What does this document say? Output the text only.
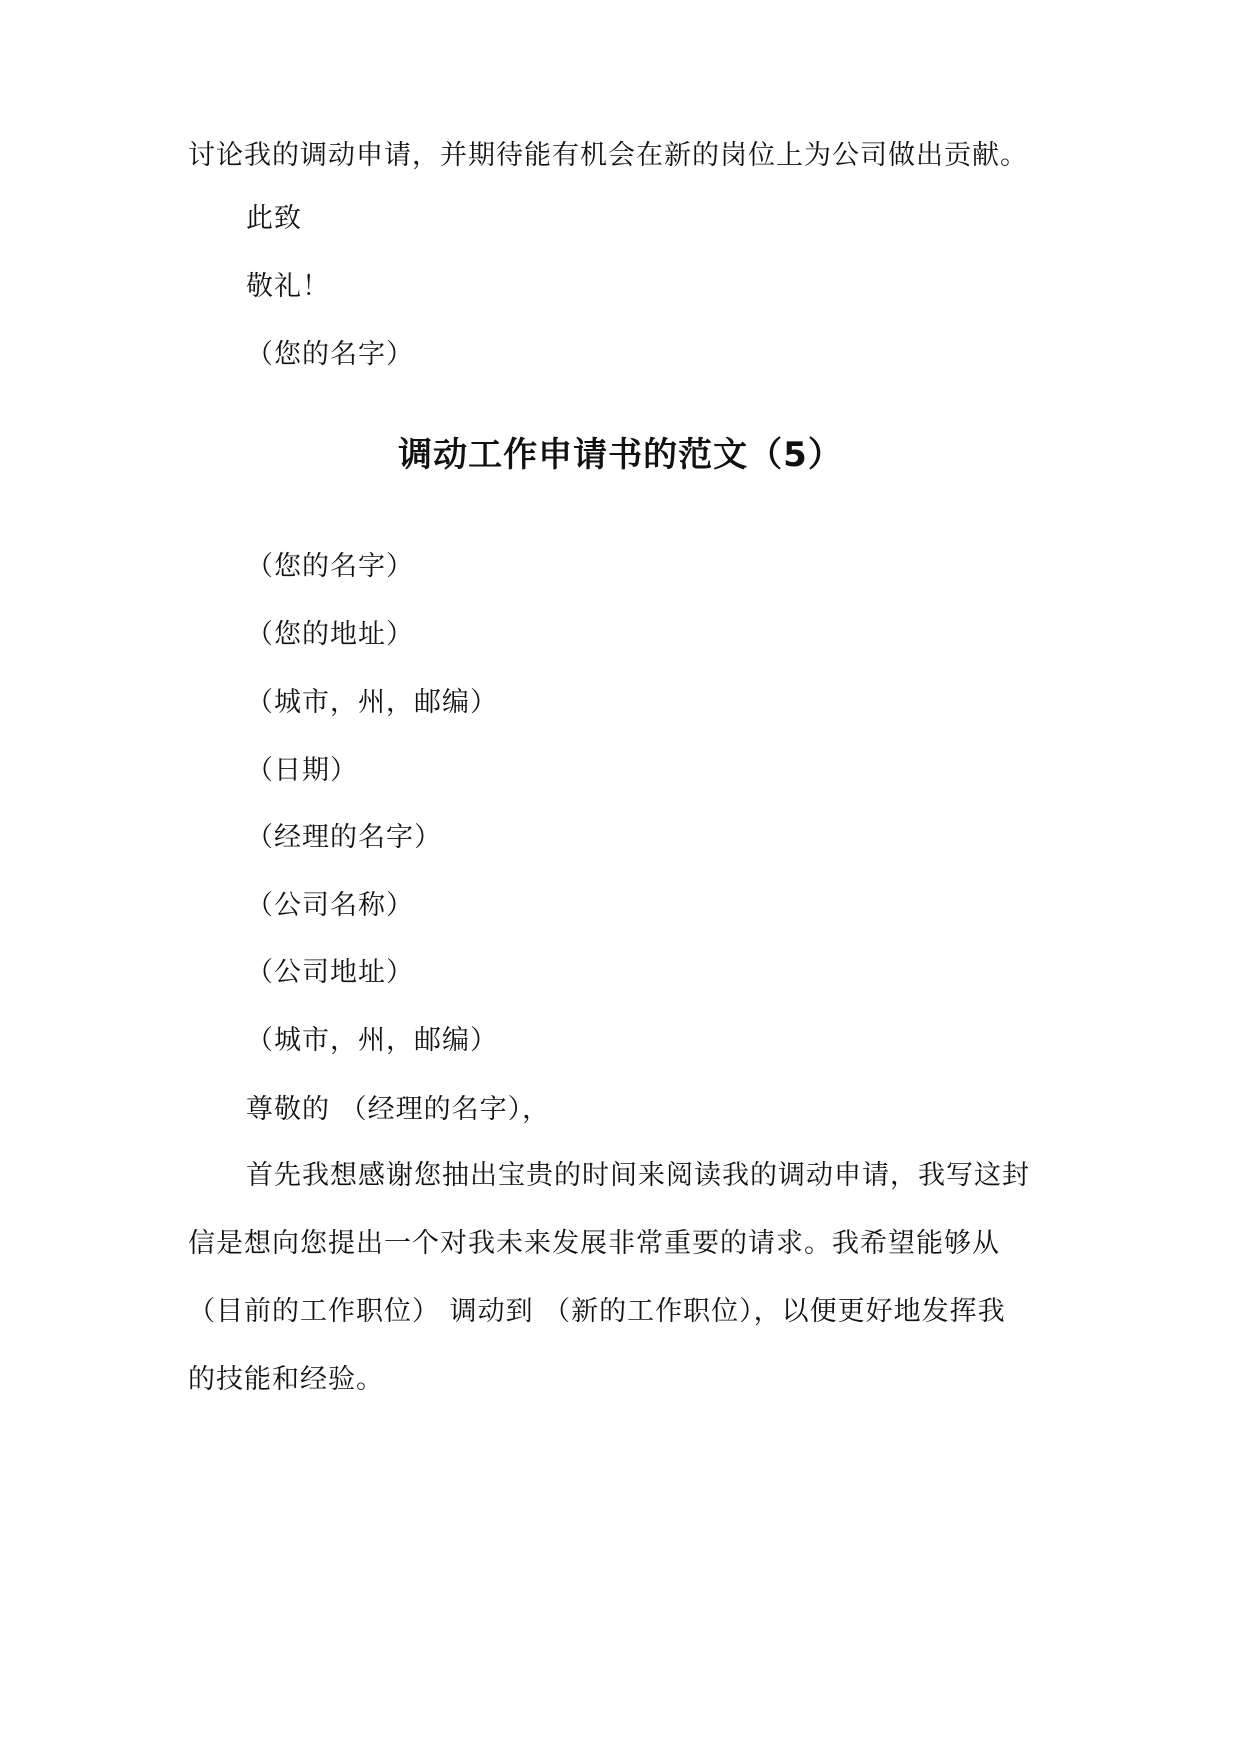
讨论我的调动申请，并期待能有机会在新的岗位上为公司做出贡献。
此致
敬礼！
（您的名字）
调动工作申请书的范文（5）
（您的名字）
（您的地址）
（城市，州，邮编）
（日期）
（经理的名字）
（公司名称）
（公司地址）
（城市，州，邮编）
尊敬的 （经理的名字），
首先我想感谢您抽出宝贵的时间来阅读我的调动申请，我写这封
信是想向您提出一个对我未来发展非常重要的请求。我希望能够从
（目前的工作职位） 调动到 （新的工作职位），以便更好地发挥我
的技能和经验。
